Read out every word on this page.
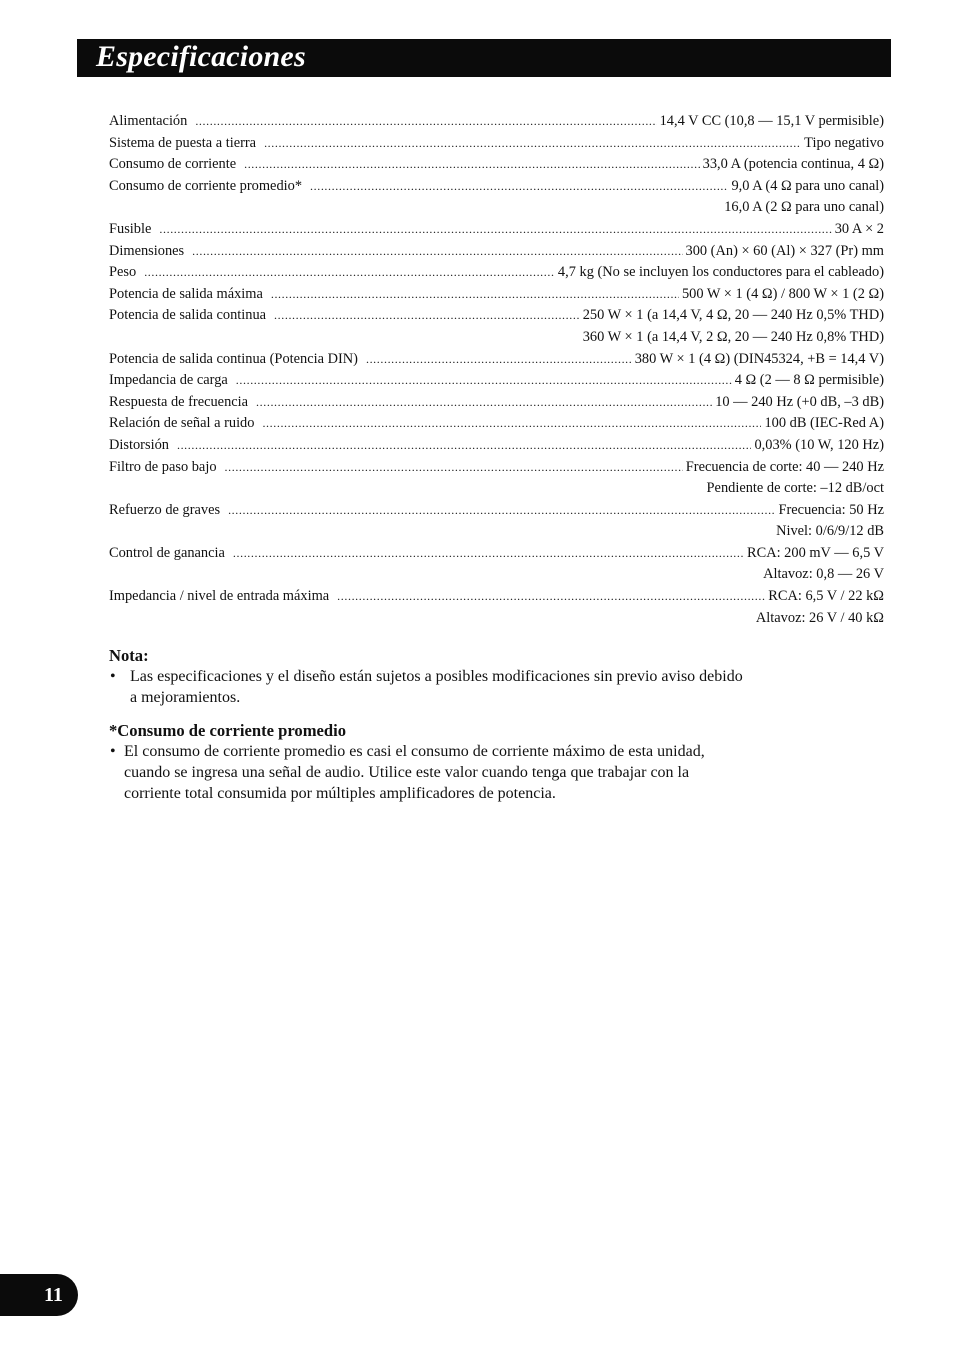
Especificaciones
Alimentación .....	14,4 V CC (10,8 — 15,1 V permisible)
Sistema de puesta a tierra .....	Tipo negativo
Consumo de corriente .....	33,0 A (potencia continua, 4 Ω)
Consumo de corriente promedio* .....	9,0 A (4 Ω para uno canal)
16,0 A (2 Ω para uno canal)
Fusible .....	30 A × 2
Dimensiones .....	300 (An) × 60 (Al) × 327 (Pr) mm
Peso .....	4,7 kg (No se incluyen los conductores para el cableado)
Potencia de salida máxima .....	500 W × 1 (4 Ω) / 800 W × 1 (2 Ω)
Potencia de salida continua .....	250 W × 1 (a 14,4 V, 4 Ω, 20 — 240 Hz 0,5% THD)
360 W × 1 (a 14,4 V, 2 Ω, 20 — 240 Hz 0,8% THD)
Potencia de salida continua (Potencia DIN) .....	380 W × 1 (4 Ω) (DIN45324, +B = 14,4 V)
Impedancia de carga .....	4 Ω (2 — 8 Ω permisible)
Respuesta de frecuencia .....	10 — 240 Hz (+0 dB, –3 dB)
Relación de señal a ruido .....	100 dB (IEC-Red A)
Distorsión .....	0,03% (10 W, 120 Hz)
Filtro de paso bajo .....	Frecuencia de corte: 40 — 240 Hz
Pendiente de corte: –12 dB/oct
Refuerzo de graves .....	Frecuencia: 50 Hz
Nivel: 0/6/9/12 dB
Control de ganancia .....	RCA: 200 mV — 6,5 V
Altavoz: 0,8 — 26 V
Impedancia / nivel de entrada máxima .....	RCA: 6,5 V / 22 kΩ
Altavoz: 26 V / 40 kΩ
Nota:
• Las especificaciones y el diseño están sujetos a posibles modificaciones sin previo aviso debido a mejoramientos.
*Consumo de corriente promedio
• El consumo de corriente promedio es casi el consumo de corriente máximo de esta unidad, cuando se ingresa una señal de audio. Utilice este valor cuando tenga que trabajar con la corriente total consumida por múltiples amplificadores de potencia.
11
